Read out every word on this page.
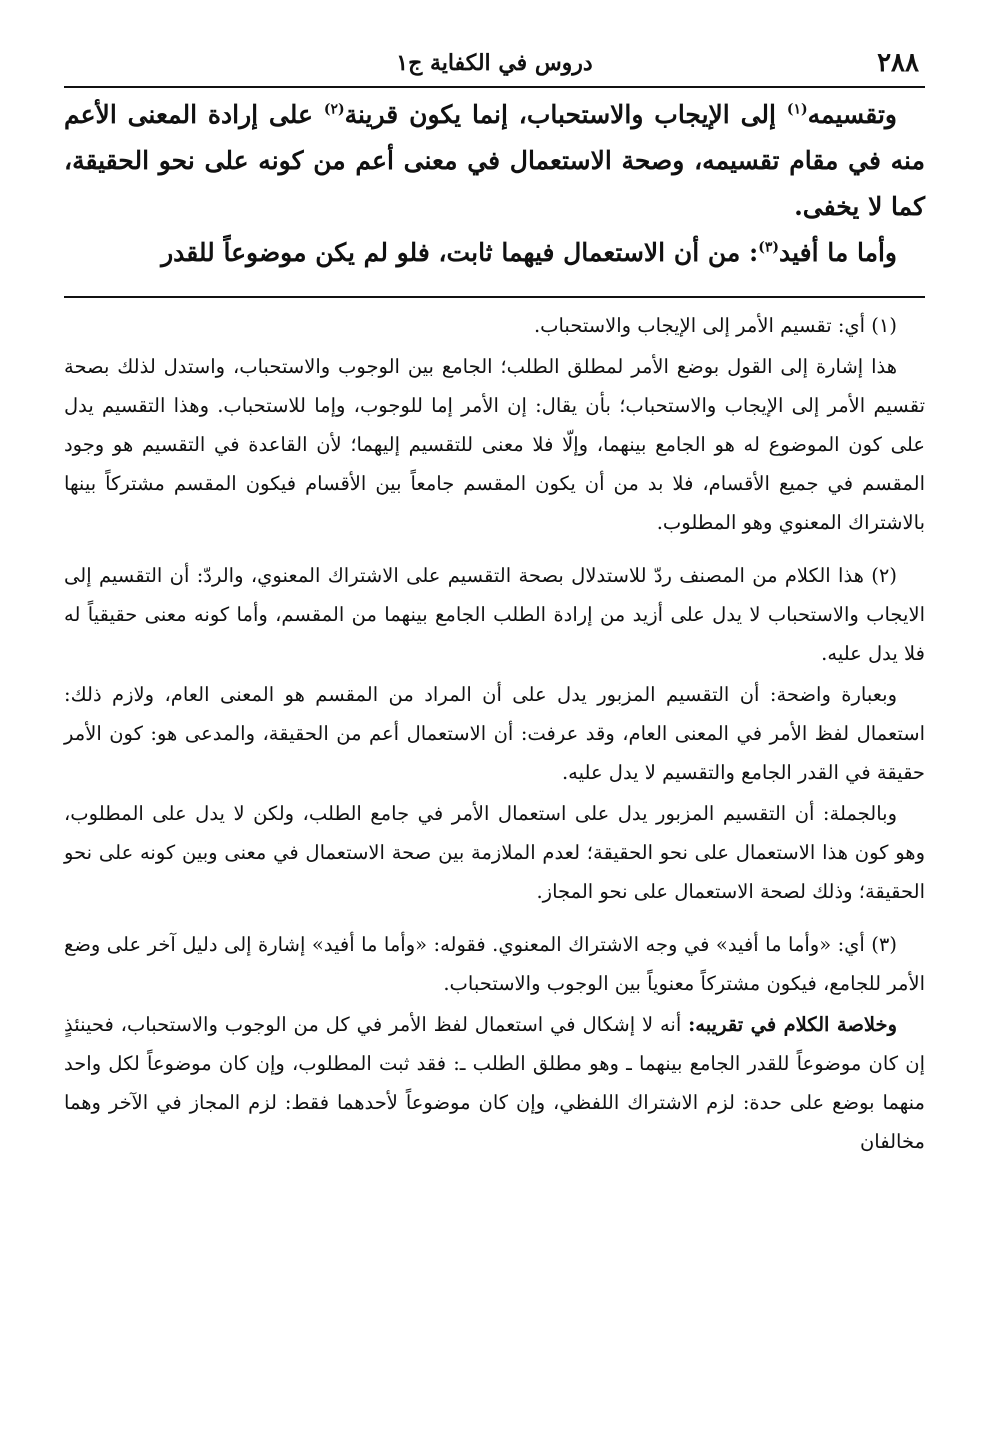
٢٨٨
دروس في الكفاية ج١

وتقسيمه$^{(١)}$ إلى الإيجاب والاستحباب، إنما يكون قرينة$^{(٢)}$ على إرادة المعنى الأعم منه في مقام تقسيمه، وصحة الاستعمال في معنى أعم من كونه على نحو الحقيقة، كما لا يخفى.

وأما ما أفيد$^{(٣)}$: من أن الاستعمال فيهما ثابت، فلو لم يكن موضوعاً للقدر

(١) أي: تقسيم الأمر إلى الإيجاب والاستحباب.

هذا إشارة إلى القول بوضع الأمر لمطلق الطلب؛ الجامع بين الوجوب والاستحباب، واستدل لذلك بصحة تقسيم الأمر إلى الإيجاب والاستحباب؛ بأن يقال: إن الأمر إما للوجوب، وإما للاستحباب. وهذا التقسيم يدل على كون الموضوع له هو الجامع بينهما، وإلّا فلا معنى للتقسيم إليهما؛ لأن القاعدة في التقسيم هو وجود المقسم في جميع الأقسام، فلا بد من أن يكون المقسم جامعاً بين الأقسام فيكون المقسم مشتركاً بينها بالاشتراك المعنوي وهو المطلوب.

(٢) هذا الكلام من المصنف ردّ للاستدلال بصحة التقسيم على الاشتراك المعنوي، والردّ: أن التقسيم إلى الايجاب والاستحباب لا يدل على أزيد من إرادة الطلب الجامع بينهما من المقسم، وأما كونه معنى حقيقياً له فلا يدل عليه.

وبعبارة واضحة: أن التقسيم المزبور يدل على أن المراد من المقسم هو المعنى العام، ولازم ذلك: استعمال لفظ الأمر في المعنى العام، وقد عرفت: أن الاستعمال أعم من الحقيقة، والمدعى هو: كون الأمر حقيقة في القدر الجامع والتقسيم لا يدل عليه.

وبالجملة: أن التقسيم المزبور يدل على استعمال الأمر في جامع الطلب، ولكن لا يدل على المطلوب، وهو كون هذا الاستعمال على نحو الحقيقة؛ لعدم الملازمة بين صحة الاستعمال في معنى وبين كونه على نحو الحقيقة؛ وذلك لصحة الاستعمال على نحو المجاز.

(٣) أي: «وأما ما أفيد» في وجه الاشتراك المعنوي. فقوله: «وأما ما أفيد» إشارة إلى دليل آخر على وضع الأمر للجامع، فيكون مشتركاً معنوياً بين الوجوب والاستحباب.

وخلاصة الكلام في تقريبه: أنه لا إشكال في استعمال لفظ الأمر في كل من الوجوب والاستحباب، فحينئذٍ إن كان موضوعاً للقدر الجامع بينهما ـ وهو مطلق الطلب ـ: فقد ثبت المطلوب، وإن كان موضوعاً لكل واحد منهما بوضع على حدة: لزم الاشتراك اللفظي، وإن كان موضوعاً لأحدهما فقط: لزم المجاز في الآخر وهما مخالفان
